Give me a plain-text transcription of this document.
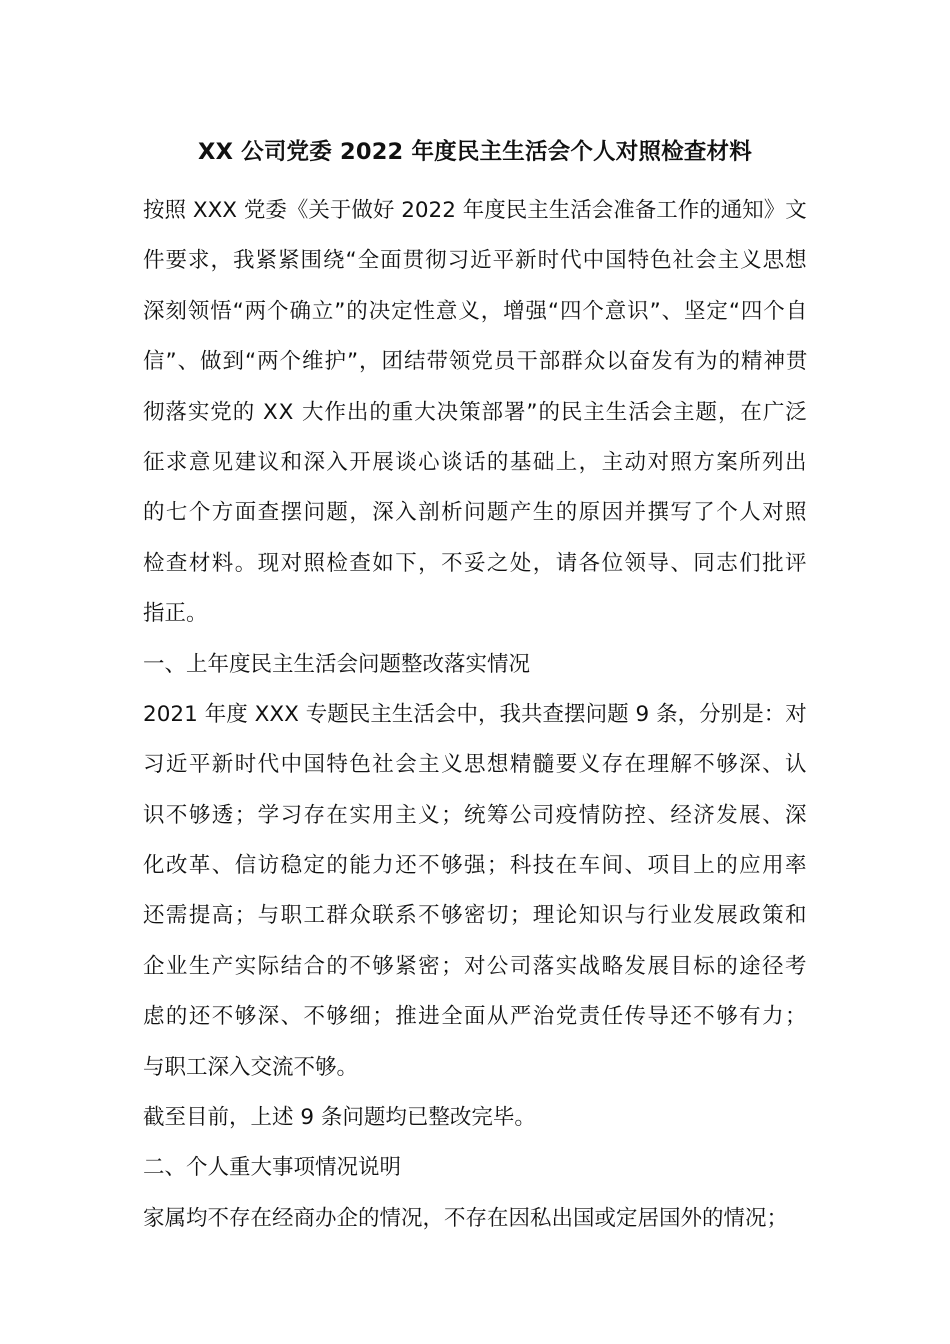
XX 公司党委 2022 年度民主生活会个人对照检查材料
按照 XXX 党委《关于做好 2022 年度民主生活会准备工作的通知》文
件要求，我紧紧围绕“全面贯彻习近平新时代中国特色社会主义思想
深刻领悟“两个确立”的决定性意义，增强“四个意识”、坚定“四个自
信”、做到“两个维护”，团结带领党员干部群众以奋发有为的精神贯
彻落实党的 XX 大作出的重大决策部署”的民主生活会主题，在广泛
征求意见建议和深入开展谈心谈话的基础上，主动对照方案所列出
的七个方面查摆问题，深入剖析问题产生的原因并撰写了个人对照
检查材料。现对照检查如下，不妥之处，请各位领导、同志们批评
指正。
一、上年度民主生活会问题整改落实情况
2021 年度 XXX 专题民主生活会中，我共查摆问题 9 条，分别是：对
习近平新时代中国特色社会主义思想精髓要义存在理解不够深、认
识不够透；学习存在实用主义；统筹公司疫情防控、经济发展、深
化改革、信访稳定的能力还不够强；科技在车间、项目上的应用率
还需提高；与职工群众联系不够密切；理论知识与行业发展政策和
企业生产实际结合的不够紧密；对公司落实战略发展目标的途径考
虑的还不够深、不够细；推进全面从严治党责任传导还不够有力；
与职工深入交流不够。
截至目前，上述 9 条问题均已整改完毕。
二、个人重大事项情况说明
家属均不存在经商办企的情况，不存在因私出国或定居国外的情况；
